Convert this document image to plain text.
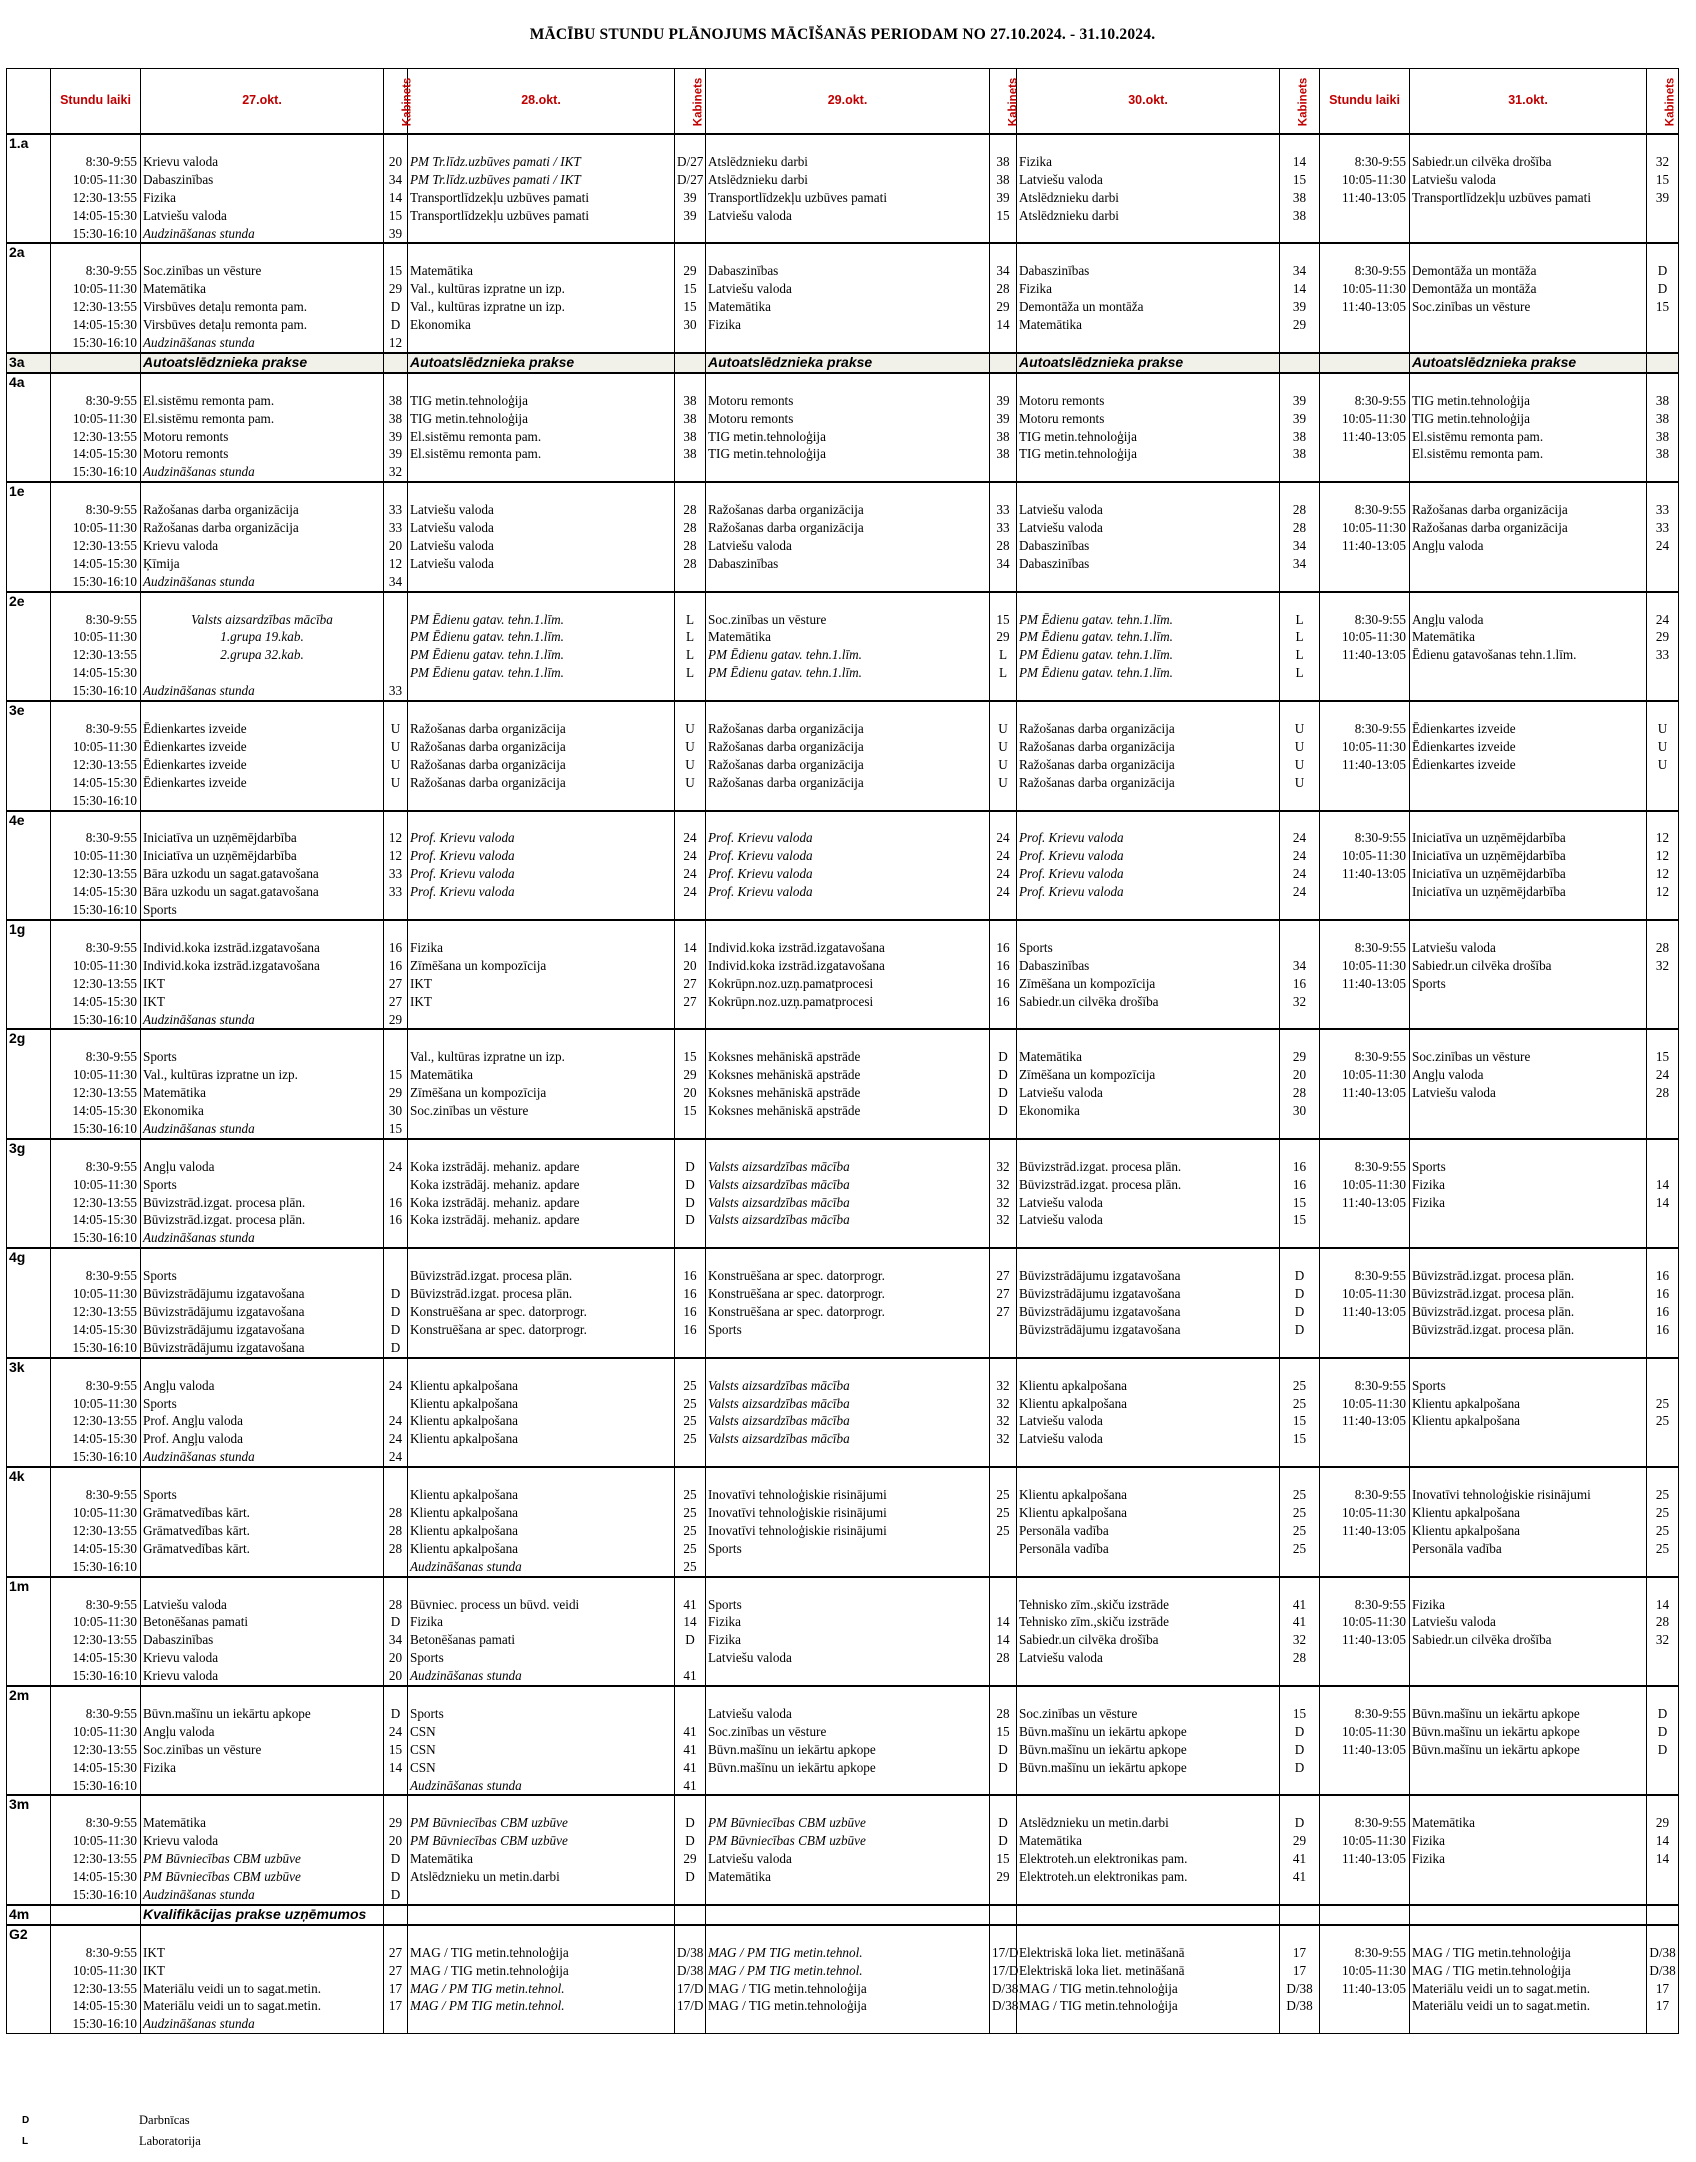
MĀCĪBU STUNDU PLĀNOJUMS MĀCĪŠANĀS PERIODAM NO 27.10.2024. - 31.10.2024.
	Stundu laiki	27.okt.	Kabinets	28.okt.	Kabinets	29.okt.	Kabinets	30.okt.	Kabinets	Stundu laiki	31.okt.	Kabinets
1.a												
	8:30-9:55	Krievu valoda	20	PM Tr.līdz.uzbūves pamati / IKT	D/27	Atslēdznieku darbi	38	Fizika	14	8:30-9:55	Sabiedr.un cilvēka drošība	32
	10:05-11:30	Dabaszinības	34	PM Tr.līdz.uzbūves pamati / IKT	D/27	Atslēdznieku darbi	38	Latviešu valoda	15	10:05-11:30	Latviešu valoda	15
	12:30-13:55	Fizika	14	Transportlīdzekļu uzbūves pamati	39	Transportlīdzekļu uzbūves pamati	39	Atslēdznieku darbi	38	11:40-13:05	Transportlīdzekļu uzbūves pamati	39
	14:05-15:30	Latviešu valoda	15	Transportlīdzekļu uzbūves pamati	39	Latviešu valoda	15	Atslēdznieku darbi	38			
	15:30-16:10	Audzināšanas stunda	39									
2a												
	8:30-9:55	Soc.zinības un vēsture	15	Matemātika	29	Dabaszinības	34	Dabaszinības	34	8:30-9:55	Demontāža un montāža	D
	10:05-11:30	Matemātika	29	Val., kultūras izpratne un izp.	15	Latviešu valoda	28	Fizika	14	10:05-11:30	Demontāža un montāža	D
	12:30-13:55	Virsbūves detaļu remonta pam.	D	Val., kultūras izpratne un izp.	15	Matemātika	29	Demontāža un montāža	39	11:40-13:05	Soc.zinības un vēsture	15
	14:05-15:30	Virsbūves detaļu remonta pam.	D	Ekonomika	30	Fizika	14	Matemātika	29			
	15:30-16:10	Audzināšanas stunda	12									
3a		Autoatslēdznieka prakse		Autoatslēdznieka prakse		Autoatslēdznieka prakse		Autoatslēdznieka prakse			Autoatslēdznieka prakse	
4a												
	8:30-9:55	El.sistēmu remonta pam.	38	TIG metin.tehnoloģija	38	Motoru remonts	39	Motoru remonts	39	8:30-9:55	TIG metin.tehnoloģija	38
	10:05-11:30	El.sistēmu remonta pam.	38	TIG metin.tehnoloģija	38	Motoru remonts	39	Motoru remonts	39	10:05-11:30	TIG metin.tehnoloģija	38
	12:30-13:55	Motoru remonts	39	El.sistēmu remonta pam.	38	TIG metin.tehnoloģija	38	TIG metin.tehnoloģija	38	11:40-13:05	El.sistēmu remonta pam.	38
	14:05-15:30	Motoru remonts	39	El.sistēmu remonta pam.	38	TIG metin.tehnoloģija	38	TIG metin.tehnoloģija	38		El.sistēmu remonta pam.	38
	15:30-16:10	Audzināšanas stunda	32									
1e												
	8:30-9:55	Ražošanas darba organizācija	33	Latviešu valoda	28	Ražošanas darba organizācija	33	Latviešu valoda	28	8:30-9:55	Ražošanas darba organizācija	33
	10:05-11:30	Ražošanas darba organizācija	33	Latviešu valoda	28	Ražošanas darba organizācija	33	Latviešu valoda	28	10:05-11:30	Ražošanas darba organizācija	33
	12:30-13:55	Krievu valoda	20	Latviešu valoda	28	Latviešu valoda	28	Dabaszinības	34	11:40-13:05	Angļu valoda	24
	14:05-15:30	Ķīmija	12	Latviešu valoda	28	Dabaszinības	34	Dabaszinības	34			
	15:30-16:10	Audzināšanas stunda	34									
2e												
	8:30-9:55	Valsts aizsardzības mācība		PM Ēdienu gatav. tehn.1.līm.	L	Soc.zinības un vēsture	15	PM Ēdienu gatav. tehn.1.līm.	L	8:30-9:55	Angļu valoda	24
	10:05-11:30	1.grupa 19.kab.		PM Ēdienu gatav. tehn.1.līm.	L	Matemātika	29	PM Ēdienu gatav. tehn.1.līm.	L	10:05-11:30	Matemātika	29
	12:30-13:55	2.grupa 32.kab.		PM Ēdienu gatav. tehn.1.līm.	L	PM Ēdienu gatav. tehn.1.līm.	L	PM Ēdienu gatav. tehn.1.līm.	L	11:40-13:05	Ēdienu gatavošanas tehn.1.līm.	33
	14:05-15:30			PM Ēdienu gatav. tehn.1.līm.	L	PM Ēdienu gatav. tehn.1.līm.	L	PM Ēdienu gatav. tehn.1.līm.	L			
	15:30-16:10	Audzināšanas stunda	33									
3e												
	8:30-9:55	Ēdienkartes izveide	U	Ražošanas darba organizācija	U	Ražošanas darba organizācija	U	Ražošanas darba organizācija	U	8:30-9:55	Ēdienkartes izveide	U
	10:05-11:30	Ēdienkartes izveide	U	Ražošanas darba organizācija	U	Ražošanas darba organizācija	U	Ražošanas darba organizācija	U	10:05-11:30	Ēdienkartes izveide	U
	12:30-13:55	Ēdienkartes izveide	U	Ražošanas darba organizācija	U	Ražošanas darba organizācija	U	Ražošanas darba organizācija	U	11:40-13:05	Ēdienkartes izveide	U
	14:05-15:30	Ēdienkartes izveide	U	Ražošanas darba organizācija	U	Ražošanas darba organizācija	U	Ražošanas darba organizācija	U			
	15:30-16:10											
4e												
	8:30-9:55	Iniciatīva un uzņēmējdarbība	12	Prof. Krievu valoda	24	Prof. Krievu valoda	24	Prof. Krievu valoda	24	8:30-9:55	Iniciatīva un uzņēmējdarbība	12
	10:05-11:30	Iniciatīva un uzņēmējdarbība	12	Prof. Krievu valoda	24	Prof. Krievu valoda	24	Prof. Krievu valoda	24	10:05-11:30	Iniciatīva un uzņēmējdarbība	12
	12:30-13:55	Bāra uzkodu un sagat.gatavošana	33	Prof. Krievu valoda	24	Prof. Krievu valoda	24	Prof. Krievu valoda	24	11:40-13:05	Iniciatīva un uzņēmējdarbība	12
	14:05-15:30	Bāra uzkodu un sagat.gatavošana	33	Prof. Krievu valoda	24	Prof. Krievu valoda	24	Prof. Krievu valoda	24		Iniciatīva un uzņēmējdarbība	12
	15:30-16:10	Sports										
1g												
	8:30-9:55	Individ.koka izstrād.izgatavošana	16	Fizika	14	Individ.koka izstrād.izgatavošana	16	Sports		8:30-9:55	Latviešu valoda	28
	10:05-11:30	Individ.koka izstrād.izgatavošana	16	Zīmēšana un kompozīcija	20	Individ.koka izstrād.izgatavošana	16	Dabaszinības	34	10:05-11:30	Sabiedr.un cilvēka drošība	32
	12:30-13:55	IKT	27	IKT	27	Kokrūpn.noz.uzņ.pamatprocesi	16	Zīmēšana un kompozīcija	16	11:40-13:05	Sports	
	14:05-15:30	IKT	27	IKT	27	Kokrūpn.noz.uzņ.pamatprocesi	16	Sabiedr.un cilvēka drošība	32			
	15:30-16:10	Audzināšanas stunda	29									
2g												
	8:30-9:55	Sports		Val., kultūras izpratne un izp.	15	Koksnes mehāniskā apstrāde	D	Matemātika	29	8:30-9:55	Soc.zinības un vēsture	15
	10:05-11:30	Val., kultūras izpratne un izp.	15	Matemātika	29	Koksnes mehāniskā apstrāde	D	Zīmēšana un kompozīcija	20	10:05-11:30	Angļu valoda	24
	12:30-13:55	Matemātika	29	Zīmēšana un kompozīcija	20	Koksnes mehāniskā apstrāde	D	Latviešu valoda	28	11:40-13:05	Latviešu valoda	28
	14:05-15:30	Ekonomika	30	Soc.zinības un vēsture	15	Koksnes mehāniskā apstrāde	D	Ekonomika	30			
	15:30-16:10	Audzināšanas stunda	15									
3g												
	8:30-9:55	Angļu valoda	24	Koka izstrādāj. mehaniz. apdare	D	Valsts aizsardzības mācība	32	Būvizstrād.izgat. procesa plān.	16	8:30-9:55	Sports	
	10:05-11:30	Sports		Koka izstrādāj. mehaniz. apdare	D	Valsts aizsardzības mācība	32	Būvizstrād.izgat. procesa plān.	16	10:05-11:30	Fizika	14
	12:30-13:55	Būvizstrād.izgat. procesa plān.	16	Koka izstrādāj. mehaniz. apdare	D	Valsts aizsardzības mācība	32	Latviešu valoda	15	11:40-13:05	Fizika	14
	14:05-15:30	Būvizstrād.izgat. procesa plān.	16	Koka izstrādāj. mehaniz. apdare	D	Valsts aizsardzības mācība	32	Latviešu valoda	15			
	15:30-16:10	Audzināšanas stunda										
4g												
	8:30-9:55	Sports		Būvizstrād.izgat. procesa plān.	16	Konstruēšana ar spec. datorprogr.	27	Būvizstrādājumu izgatavošana	D	8:30-9:55	Būvizstrād.izgat. procesa plān.	16
	10:05-11:30	Būvizstrādājumu izgatavošana	D	Būvizstrād.izgat. procesa plān.	16	Konstruēšana ar spec. datorprogr.	27	Būvizstrādājumu izgatavošana	D	10:05-11:30	Būvizstrād.izgat. procesa plān.	16
	12:30-13:55	Būvizstrādājumu izgatavošana	D	Konstruēšana ar spec. datorprogr.	16	Konstruēšana ar spec. datorprogr.	27	Būvizstrādājumu izgatavošana	D	11:40-13:05	Būvizstrād.izgat. procesa plān.	16
	14:05-15:30	Būvizstrādājumu izgatavošana	D	Konstruēšana ar spec. datorprogr.	16	Sports		Būvizstrādājumu izgatavošana	D		Būvizstrād.izgat. procesa plān.	16
	15:30-16:10	Būvizstrādājumu izgatavošana	D									
3k												
	8:30-9:55	Angļu valoda	24	Klientu apkalpošana	25	Valsts aizsardzības mācība	32	Klientu apkalpošana	25	8:30-9:55	Sports	
	10:05-11:30	Sports		Klientu apkalpošana	25	Valsts aizsardzības mācība	32	Klientu apkalpošana	25	10:05-11:30	Klientu apkalpošana	25
	12:30-13:55	Prof. Angļu valoda	24	Klientu apkalpošana	25	Valsts aizsardzības mācība	32	Latviešu valoda	15	11:40-13:05	Klientu apkalpošana	25
	14:05-15:30	Prof. Angļu valoda	24	Klientu apkalpošana	25	Valsts aizsardzības mācība	32	Latviešu valoda	15			
	15:30-16:10	Audzināšanas stunda	24									
4k												
	8:30-9:55	Sports		Klientu apkalpošana	25	Inovatīvi tehnoloģiskie risinājumi	25	Klientu apkalpošana	25	8:30-9:55	Inovatīvi tehnoloģiskie risinājumi	25
	10:05-11:30	Grāmatvedības kārt.	28	Klientu apkalpošana	25	Inovatīvi tehnoloģiskie risinājumi	25	Klientu apkalpošana	25	10:05-11:30	Klientu apkalpošana	25
	12:30-13:55	Grāmatvedības kārt.	28	Klientu apkalpošana	25	Inovatīvi tehnoloģiskie risinājumi	25	Personāla vadība	25	11:40-13:05	Klientu apkalpošana	25
	14:05-15:30	Grāmatvedības kārt.	28	Klientu apkalpošana	25	Sports		Personāla vadība	25		Personāla vadība	25
	15:30-16:10			Audzināšanas stunda	25							
1m												
	8:30-9:55	Latviešu valoda	28	Būvniec. process un būvd. veidi	41	Sports		Tehnisko zīm.,skiču izstrāde	41	8:30-9:55	Fizika	14
	10:05-11:30	Betonēšanas pamati	D	Fizika	14	Fizika	14	Tehnisko zīm.,skiču izstrāde	41	10:05-11:30	Latviešu valoda	28
	12:30-13:55	Dabaszinības	34	Betonēšanas pamati	D	Fizika	14	Sabiedr.un cilvēka drošība	32	11:40-13:05	Sabiedr.un cilvēka drošība	32
	14:05-15:30	Krievu valoda	20	Sports		Latviešu valoda	28	Latviešu valoda	28			
	15:30-16:10	Krievu valoda	20	Audzināšanas stunda	41							
2m												
	8:30-9:55	Būvn.mašīnu un iekārtu apkope	D	Sports		Latviešu valoda	28	Soc.zinības un vēsture	15	8:30-9:55	Būvn.mašīnu un iekārtu apkope	D
	10:05-11:30	Angļu valoda	24	CSN	41	Soc.zinības un vēsture	15	Būvn.mašīnu un iekārtu apkope	D	10:05-11:30	Būvn.mašīnu un iekārtu apkope	D
	12:30-13:55	Soc.zinības un vēsture	15	CSN	41	Būvn.mašīnu un iekārtu apkope	D	Būvn.mašīnu un iekārtu apkope	D	11:40-13:05	Būvn.mašīnu un iekārtu apkope	D
	14:05-15:30	Fizika	14	CSN	41	Būvn.mašīnu un iekārtu apkope	D	Būvn.mašīnu un iekārtu apkope	D			
	15:30-16:10			Audzināšanas stunda	41							
3m												
	8:30-9:55	Matemātika	29	PM Būvniecības CBM uzbūve	D	PM Būvniecības CBM uzbūve	D	Atslēdznieku un metin.darbi	D	8:30-9:55	Matemātika	29
	10:05-11:30	Krievu valoda	20	PM Būvniecības CBM uzbūve	D	PM Būvniecības CBM uzbūve	D	Matemātika	29	10:05-11:30	Fizika	14
	12:30-13:55	PM Būvniecības CBM uzbūve	D	Matemātika	29	Latviešu valoda	15	Elektroteh.un elektronikas pam.	41	11:40-13:05	Fizika	14
	14:05-15:30	PM Būvniecības CBM uzbūve	D	Atslēdznieku un metin.darbi	D	Matemātika	29	Elektroteh.un elektronikas pam.	41			
	15:30-16:10	Audzināšanas stunda	D									
4m		Kvalifikācijas prakse uzņēmumos										
G2												
	8:30-9:55	IKT	27	MAG / TIG metin.tehnoloģija	D/38	MAG / PM TIG metin.tehnol.	17/D	Elektriskā loka liet. metināšanā	17	8:30-9:55	MAG / TIG metin.tehnoloģija	D/38
	10:05-11:30	IKT	27	MAG / TIG metin.tehnoloģija	D/38	MAG / PM TIG metin.tehnol.	17/D	Elektriskā loka liet. metināšanā	17	10:05-11:30	MAG / TIG metin.tehnoloģija	D/38
	12:30-13:55	Materiālu veidi un to sagat.metin.	17	MAG / PM TIG metin.tehnol.	17/D	MAG / TIG metin.tehnoloģija	D/38	MAG / TIG metin.tehnoloģija	D/38	11:40-13:05	Materiālu veidi un to sagat.metin.	17
	14:05-15:30	Materiālu veidi un to sagat.metin.	17	MAG / PM TIG metin.tehnol.	17/D	MAG / TIG metin.tehnoloģija	D/38	MAG / TIG metin.tehnoloģija	D/38		Materiālu veidi un to sagat.metin.	17
	15:30-16:10	Audzināšanas stunda										
D	Darbnīcas
L	Laboratorija
